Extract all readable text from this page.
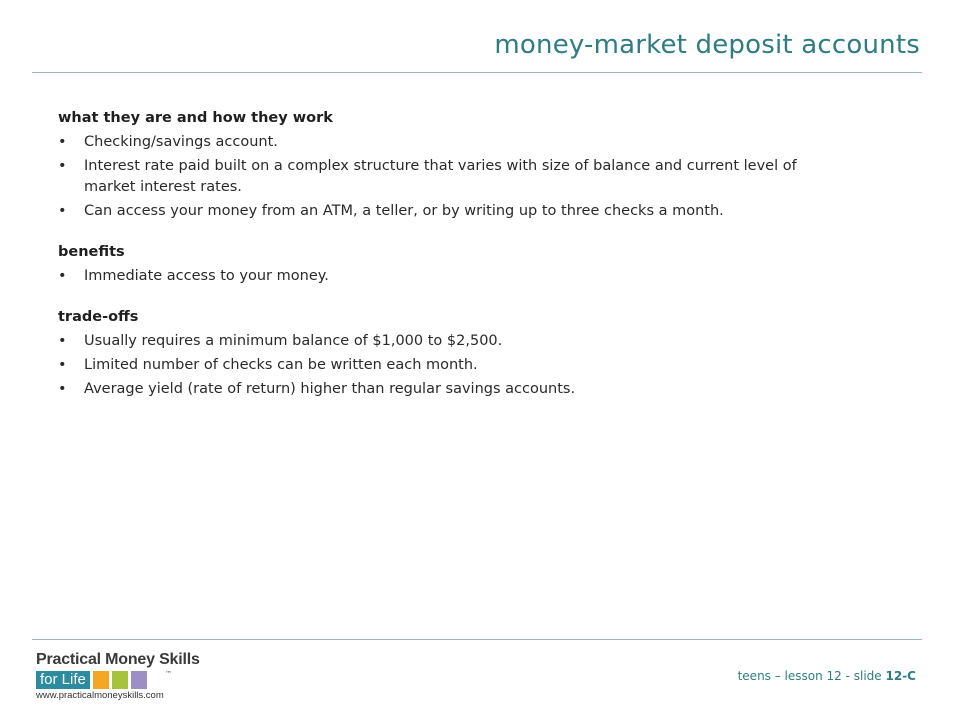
money-market deposit accounts
what they are and how they work
•	Checking/savings account.
•	Interest rate paid built on a complex structure that varies with size of balance and current level of market interest rates.
•	Can access your money from an ATM, a teller, or by writing up to three checks a month.
benefits
•	Immediate access to your money.
trade-offs
•	Usually requires a minimum balance of $1,000 to $2,500.
•	Limited number of checks can be written each month.
•	Average yield (rate of return) higher than regular savings accounts.
Practical Money Skills
for Life	™
www.practicalmoneyskills.com
teens – lesson 12 - slide 12-C
